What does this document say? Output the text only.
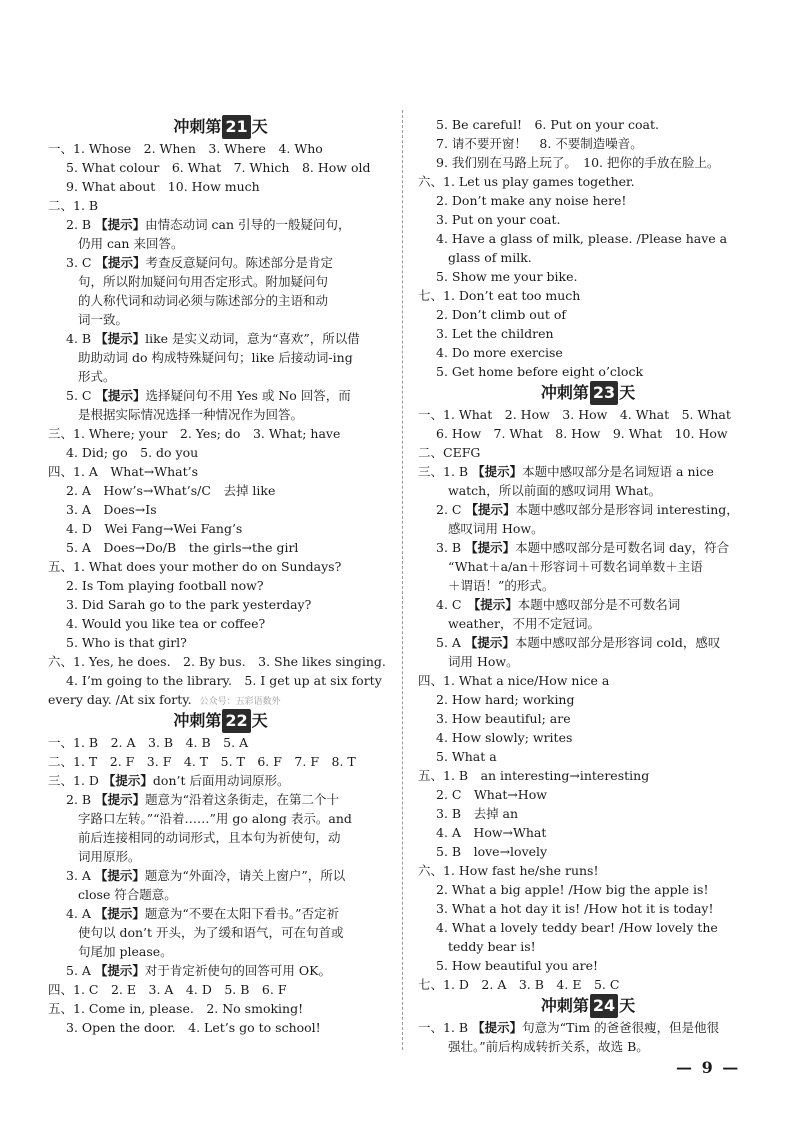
冲刺第 21 天
一、1. Whose　2. When　3. Where　4. Who
5. What colour　6. What　7. Which　8. How old
9. What about　10. How much
二、1. B
2. B 【提示】由情态动词 can 引导的一般疑问句，
仍用 can 来回答。
3. C 【提示】考查反意疑问句。陈述部分是肯定
句，所以附加疑问句用否定形式。附加疑问句
的人称代词和动词必须与陈述部分的主语和动
词一致。
4. B 【提示】like 是实义动词，意为“喜欢”，所以借
助助动词 do 构成特殊疑问句；like 后接动词-ing
形式。
5. C 【提示】选择疑问句不用 Yes 或 No 回答，而
是根据实际情况选择一种情况作为回答。
三、1. Where; your　2. Yes; do　3. What; have
4. Did; go　5. do you
四、1. A　What→What’s
2. A　How’s→What’s/C　去掉 like
3. A　Does→Is
4. D　Wei Fang→Wei Fang’s
5. A　Does→Do/B　the girls→the girl
五、1. What does your mother do on Sundays?
2. Is Tom playing football now?
3. Did Sarah go to the park yesterday?
4. Would you like tea or coffee?
5. Who is that girl?
六、1. Yes, he does.　2. By bus.　3. She likes singing.
4. I’m going to the library.　5. I get up at six forty
every day. /At six forty. 公众号：五彩语数外
冲刺第 22 天
一、1. B　2. A　3. B　4. B　5. A
二、1. T　2. F　3. F　4. T　5. T　6. F　7. F　8. T
三、1. D 【提示】don’t 后面用动词原形。
2. B 【提示】题意为“沿着这条街走，在第二个十
字路口左转。”“沿着……”用 go along 表示。and
前后连接相同的动词形式，且本句为祈使句，动
词用原形。
3. A 【提示】题意为“外面冷，请关上窗户”，所以
close 符合题意。
4. A 【提示】题意为“不要在太阳下看书。”否定祈
使句以 don’t 开头，为了缓和语气，可在句首或
句尾加 please。
5. A 【提示】对于肯定祈使句的回答可用 OK。
四、1. C　2. E　3. A　4. D　5. B　6. F
五、1. Come in, please.　2. No smoking!
3. Open the door.　4. Let’s go to school!
5. Be careful!　6. Put on your coat.
7. 请不要开窗！　8. 不要制造噪音。
9. 我们别在马路上玩了。　10. 把你的手放在脸上。
六、1. Let us play games together.
2. Don’t make any noise here!
3. Put on your coat.
4. Have a glass of milk, please. /Please have a
glass of milk.
5. Show me your bike.
七、1. Don’t eat too much
2. Don’t climb out of
3. Let the children
4. Do more exercise
5. Get home before eight o’clock
冲刺第 23 天
一、1. What　2. How　3. How　4. What　5. What
6. How　7. What　8. How　9. What　10. How
二、CEFG
三、1. B 【提示】本题中感叹部分是名词短语 a nice
watch，所以前面的感叹词用 What。
2. C 【提示】本题中感叹部分是形容词 interesting，
感叹词用 How。
3. B 【提示】本题中感叹部分是可数名词 day，符合
“What＋a/an＋形容词＋可数名词单数＋主语
＋谓语！”的形式。
4. C　【提示】本题中感叹部分是不可数名词
weather，不用不定冠词。
5. A 【提示】本题中感叹部分是形容词 cold，感叹
词用 How。
四、1. What a nice/How nice a
2. How hard; working
3. How beautiful; are
4. How slowly; writes
5. What a
五、1. B　an interesting→interesting
2. C　What→How
3. B　去掉 an
4. A　How→What
5. B　love→lovely
六、1. How fast he/she runs!
2. What a big apple! /How big the apple is!
3. What a hot day it is! /How hot it is today!
4. What a lovely teddy bear! /How lovely the
teddy bear is!
5. How beautiful you are!
七、1. D　2. A　3. B　4. E　5. C
冲刺第 24 天
一、1. B 【提示】句意为“Tim 的爸爸很瘦，但是他很
强壮。”前后构成转折关系，故选 B。
— 9 —
